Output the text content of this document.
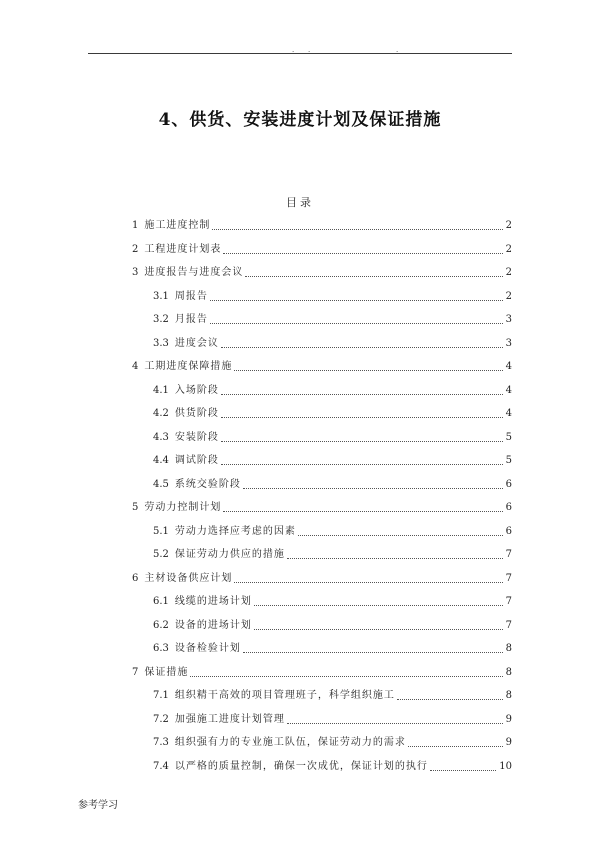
. .	.
4、供货、安装进度计划及保证措施
目录
1 施工进度控制	2
2 工程进度计划表	2
3 进度报告与进度会议	2
3.1 周报告	2
3.2 月报告	3
3.3 进度会议	3
4 工期进度保障措施	4
4.1 入场阶段	4
4.2 供货阶段	4
4.3 安装阶段	5
4.4 调试阶段	5
4.5 系统交验阶段	6
5 劳动力控制计划	6
5.1 劳动力选择应考虑的因素	6
5.2 保证劳动力供应的措施	7
6 主材设备供应计划	7
6.1 线缆的进场计划	7
6.2 设备的进场计划	7
6.3 设备检验计划	8
7 保证措施	8
7.1 组织精干高效的项目管理班子，科学组织施工	8
7.2 加强施工进度计划管理	9
7.3 组织强有力的专业施工队伍，保证劳动力的需求	9
7.4 以严格的质量控制，确保一次成优，保证计划的执行	10
参考学习
